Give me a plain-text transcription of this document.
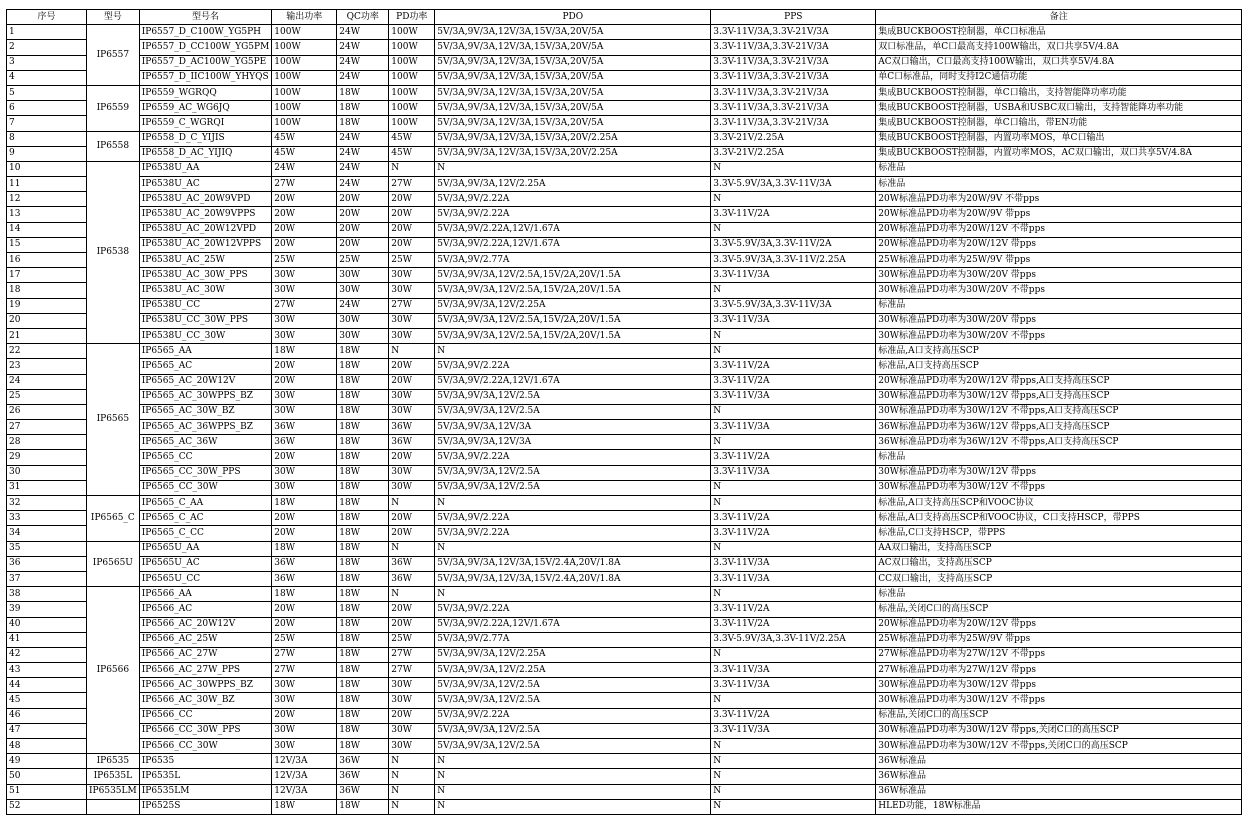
序号	型号	型号名	输出功率	QC功率	PD功率	PDO	PPS	备注
1	IP6557	IP6557_D_C100W_YG5PH	100W	24W	100W	5V/3A,9V/3A,12V/3A,15V/3A,20V/5A	3.3V-11V/3A,3.3V-21V/3A	集成BUCKBOOST控制器，单C口标准品
2		IP6557_D_CC100W_YG5PM	100W	24W	100W	5V/3A,9V/3A,12V/3A,15V/3A,20V/5A	3.3V-11V/3A,3.3V-21V/3A	双口标准品，单C口最高支持100W输出，双口共享5V/4.8A
3		IP6557_D_AC100W_YG5PE	100W	24W	100W	5V/3A,9V/3A,12V/3A,15V/3A,20V/5A	3.3V-11V/3A,3.3V-21V/3A	AC双口输出，C口最高支持100W输出，双口共享5V/4.8A
4		IP6557_D_IIC100W_YHYQS	100W	24W	100W	5V/3A,9V/3A,12V/3A,15V/3A,20V/5A	3.3V-11V/3A,3.3V-21V/3A	单C口标准品，同时支持I2C通信功能
5	IP6559	IP6559_WGRQQ	100W	18W	100W	5V/3A,9V/3A,12V/3A,15V/3A,20V/5A	3.3V-11V/3A,3.3V-21V/3A	集成BUCKBOOST控制器，单C口输出，支持智能降功率功能
6		IP6559_AC_WG6JQ	100W	18W	100W	5V/3A,9V/3A,12V/3A,15V/3A,20V/5A	3.3V-11V/3A,3.3V-21V/3A	集成BUCKBOOST控制器，USBA和USBC双口输出，支持智能降功率功能
7		IP6559_C_WGRQI	100W	18W	100W	5V/3A,9V/3A,12V/3A,15V/3A,20V/5A	3.3V-11V/3A,3.3V-21V/3A	集成BUCKBOOST控制器，单C口输出，带EN功能
8	IP6558	IP6558_D_C_YIJIS	45W	24W	45W	5V/3A,9V/3A,12V/3A,15V/3A,20V/2.25A	3.3V-21V/2.25A	集成BUCKBOOST控制器，内置功率MOS，单C口输出
9		IP6558_D_AC_YIJIQ	45W	24W	45W	5V/3A,9V/3A,12V/3A,15V/3A,20V/2.25A	3.3V-21V/2.25A	集成BUCKBOOST控制器，内置功率MOS，AC双口输出，双口共享5V/4.8A
10	IP6538	IP6538U_AA	24W	24W	N	N	N	标准品
11		IP6538U_AC	27W	24W	27W	5V/3A,9V/3A,12V/2.25A	3.3V-5.9V/3A,3.3V-11V/3A	标准品
12		IP6538U_AC_20W9VPD	20W	20W	20W	5V/3A,9V/2.22A	N	20W标准品PD功率为20W/9V 不带pps
13		IP6538U_AC_20W9VPPS	20W	20W	20W	5V/3A,9V/2.22A	3.3V-11V/2A	20W标准品PD功率为20W/9V 带pps
14		IP6538U_AC_20W12VPD	20W	20W	20W	5V/3A,9V/2.22A,12V/1.67A	N	20W标准品PD功率为20W/12V 不带pps
15		IP6538U_AC_20W12VPPS	20W	20W	20W	5V/3A,9V/2.22A,12V/1.67A	3.3V-5.9V/3A,3.3V-11V/2A	20W标准品PD功率为20W/12V 带pps
16		IP6538U_AC_25W	25W	25W	25W	5V/3A,9V/2.77A	3.3V-5.9V/3A,3.3V-11V/2.25A	25W标准品PD功率为25W/9V 带pps
17		IP6538U_AC_30W_PPS	30W	30W	30W	5V/3A,9V/3A,12V/2.5A,15V/2A,20V/1.5A	3.3V-11V/3A	30W标准品PD功率为30W/20V 带pps
18		IP6538U_AC_30W	30W	30W	30W	5V/3A,9V/3A,12V/2.5A,15V/2A,20V/1.5A	N	30W标准品PD功率为30W/20V 不带pps
19		IP6538U_CC	27W	24W	27W	5V/3A,9V/3A,12V/2.25A	3.3V-5.9V/3A,3.3V-11V/3A	标准品
20		IP6538U_CC_30W_PPS	30W	30W	30W	5V/3A,9V/3A,12V/2.5A,15V/2A,20V/1.5A	3.3V-11V/3A	30W标准品PD功率为30W/20V 带pps
21		IP6538U_CC_30W	30W	30W	30W	5V/3A,9V/3A,12V/2.5A,15V/2A,20V/1.5A	N	30W标准品PD功率为30W/20V 不带pps
22	IP6565	IP6565_AA	18W	18W	N	N	N	标准品,A口支持高压SCP
23		IP6565_AC	20W	18W	20W	5V/3A,9V/2.22A	3.3V-11V/2A	标准品,A口支持高压SCP
24		IP6565_AC_20W12V	20W	18W	20W	5V/3A,9V/2.22A,12V/1.67A	3.3V-11V/2A	20W标准品PD功率为20W/12V 带pps,A口支持高压SCP
25		IP6565_AC_30WPPS_BZ	30W	18W	30W	5V/3A,9V/3A,12V/2.5A	3.3V-11V/3A	30W标准品PD功率为30W/12V 带pps,A口支持高压SCP
26		IP6565_AC_30W_BZ	30W	18W	30W	5V/3A,9V/3A,12V/2.5A	N	30W标准品PD功率为30W/12V 不带pps,A口支持高压SCP
27		IP6565_AC_36WPPS_BZ	36W	18W	36W	5V/3A,9V/3A,12V/3A	3.3V-11V/3A	36W标准品PD功率为36W/12V 带pps,A口支持高压SCP
28		IP6565_AC_36W	36W	18W	36W	5V/3A,9V/3A,12V/3A	N	36W标准品PD功率为36W/12V 不带pps,A口支持高压SCP
29		IP6565_CC	20W	18W	20W	5V/3A,9V/2.22A	3.3V-11V/2A	标准品
30		IP6565_CC_30W_PPS	30W	18W	30W	5V/3A,9V/3A,12V/2.5A	3.3V-11V/3A	30W标准品PD功率为30W/12V 带pps
31		IP6565_CC_30W	30W	18W	30W	5V/3A,9V/3A,12V/2.5A	N	30W标准品PD功率为30W/12V 不带pps
32	IP6565_C	IP6565_C_AA	18W	18W	N	N	N	标准品,A口支持高压SCP和VOOC协议
33		IP6565_C_AC	20W	18W	20W	5V/3A,9V/2.22A	3.3V-11V/2A	标准品,A口支持高压SCP和VOOC协议，C口支持HSCP，带PPS
34		IP6565_C_CC	20W	18W	20W	5V/3A,9V/2.22A	3.3V-11V/2A	标准品,C口支持HSCP，带PPS
35	IP6565U	IP6565U_AA	18W	18W	N	N	N	AA双口输出，支持高压SCP
36		IP6565U_AC	36W	18W	36W	5V/3A,9V/3A,12V/3A,15V/2.4A,20V/1.8A	3.3V-11V/3A	AC双口输出，支持高压SCP
37		IP6565U_CC	36W	18W	36W	5V/3A,9V/3A,12V/3A,15V/2.4A,20V/1.8A	3.3V-11V/3A	CC双口输出，支持高压SCP
38	IP6566	IP6566_AA	18W	18W	N	N	N	标准品
39		IP6566_AC	20W	18W	20W	5V/3A,9V/2.22A	3.3V-11V/2A	标准品,关闭C口的高压SCP
40		IP6566_AC_20W12V	20W	18W	20W	5V/3A,9V/2.22A,12V/1.67A	3.3V-11V/2A	20W标准品PD功率为20W/12V 带pps
41		IP6566_AC_25W	25W	18W	25W	5V/3A,9V/2.77A	3.3V-5.9V/3A,3.3V-11V/2.25A	25W标准品PD功率为25W/9V 带pps
42		IP6566_AC_27W	27W	18W	27W	5V/3A,9V/3A,12V/2.25A	N	27W标准品PD功率为27W/12V 不带pps
43		IP6566_AC_27W_PPS	27W	18W	27W	5V/3A,9V/3A,12V/2.25A	3.3V-11V/3A	27W标准品PD功率为27W/12V 带pps
44		IP6566_AC_30WPPS_BZ	30W	18W	30W	5V/3A,9V/3A,12V/2.5A	3.3V-11V/3A	30W标准品PD功率为30W/12V 带pps
45		IP6566_AC_30W_BZ	30W	18W	30W	5V/3A,9V/3A,12V/2.5A	N	30W标准品PD功率为30W/12V 不带pps
46		IP6566_CC	20W	18W	20W	5V/3A,9V/2.22A	3.3V-11V/2A	标准品,关闭C口的高压SCP
47		IP6566_CC_30W_PPS	30W	18W	30W	5V/3A,9V/3A,12V/2.5A	3.3V-11V/3A	30W标准品PD功率为30W/12V 带pps,关闭C口的高压SCP
48		IP6566_CC_30W	30W	18W	30W	5V/3A,9V/3A,12V/2.5A	N	30W标准品PD功率为30W/12V 不带pps,关闭C口的高压SCP
49	IP6535	IP6535	12V/3A	36W	N	N	N	36W标准品
50	IP6535L	IP6535L	12V/3A	36W	N	N	N	36W标准品
51	IP6535LM	IP6535LM	12V/3A	36W	N	N	N	36W标准品
52		IP6525S	18W	18W	N	N	N	HLED功能，18W标准品
